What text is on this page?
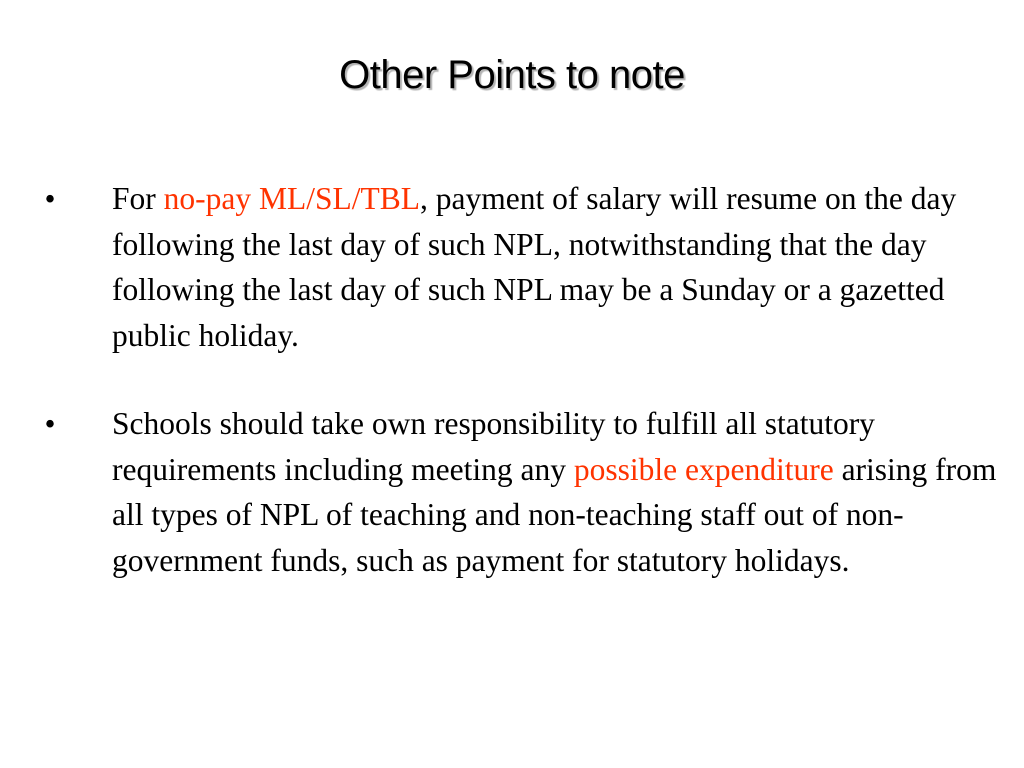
Other Points to note
• For no-pay ML/SL/TBL, payment of salary will resume on the day following the last day of such NPL, notwithstanding that the day following the last day of such NPL may be a Sunday or a gazetted public holiday.
• Schools should take own responsibility to fulfill all statutory requirements including meeting any possible expenditure arising from all types of NPL of teaching and non-teaching staff out of non-government funds, such as payment for statutory holidays.
